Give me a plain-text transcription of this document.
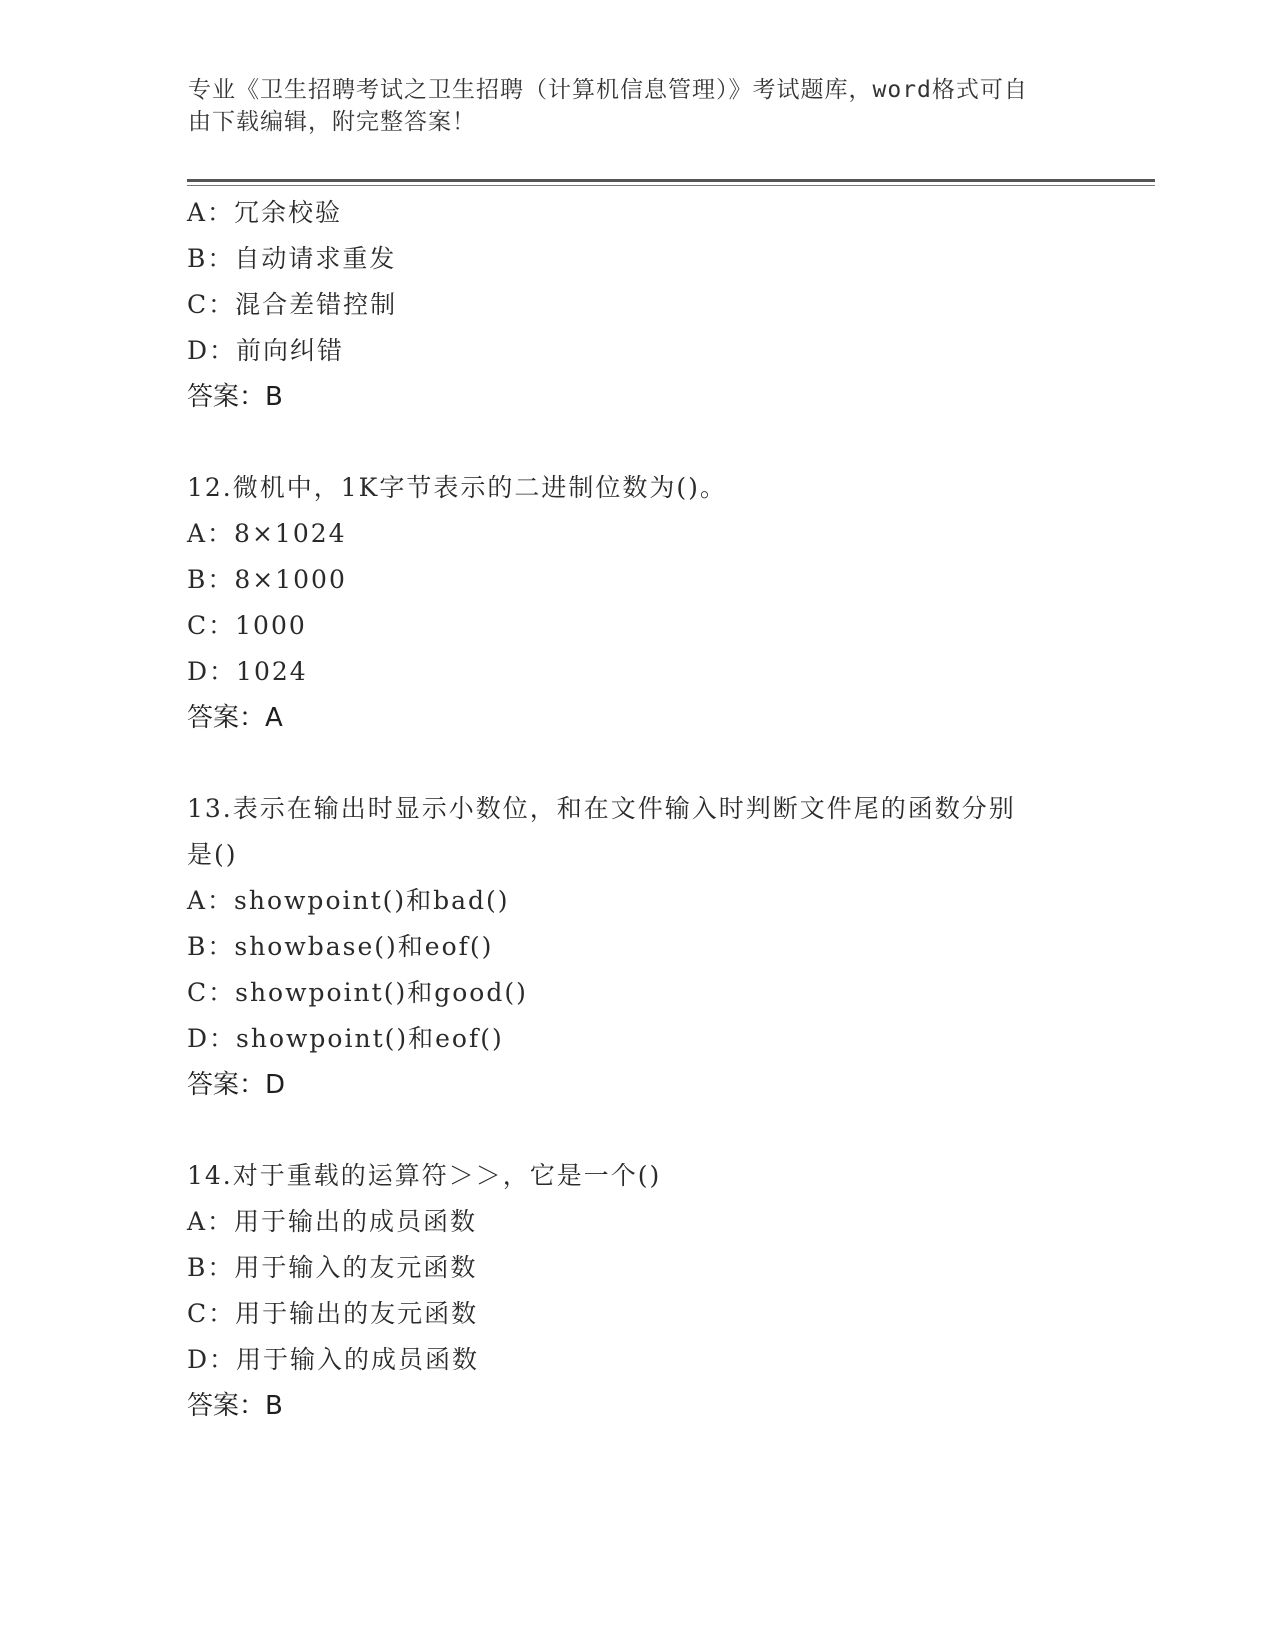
专业《卫生招聘考试之卫生招聘（计算机信息管理）》考试题库，word格式可自
由下载编辑，附完整答案！
A：冗余校验
B：自动请求重发
C：混合差错控制
D：前向纠错
答案：B
12.微机中，1K字节表示的二进制位数为()。
A：8×1024
B：8×1000
C：1000
D：1024
答案：A
13.表示在输出时显示小数位，和在文件输入时判断文件尾的函数分别
是()
A：showpoint()和bad()
B：showbase()和eof()
C：showpoint()和good()
D：showpoint()和eof()
答案：D
14.对于重载的运算符＞＞，它是一个()
A：用于输出的成员函数
B：用于输入的友元函数
C：用于输出的友元函数
D：用于输入的成员函数
答案：B
